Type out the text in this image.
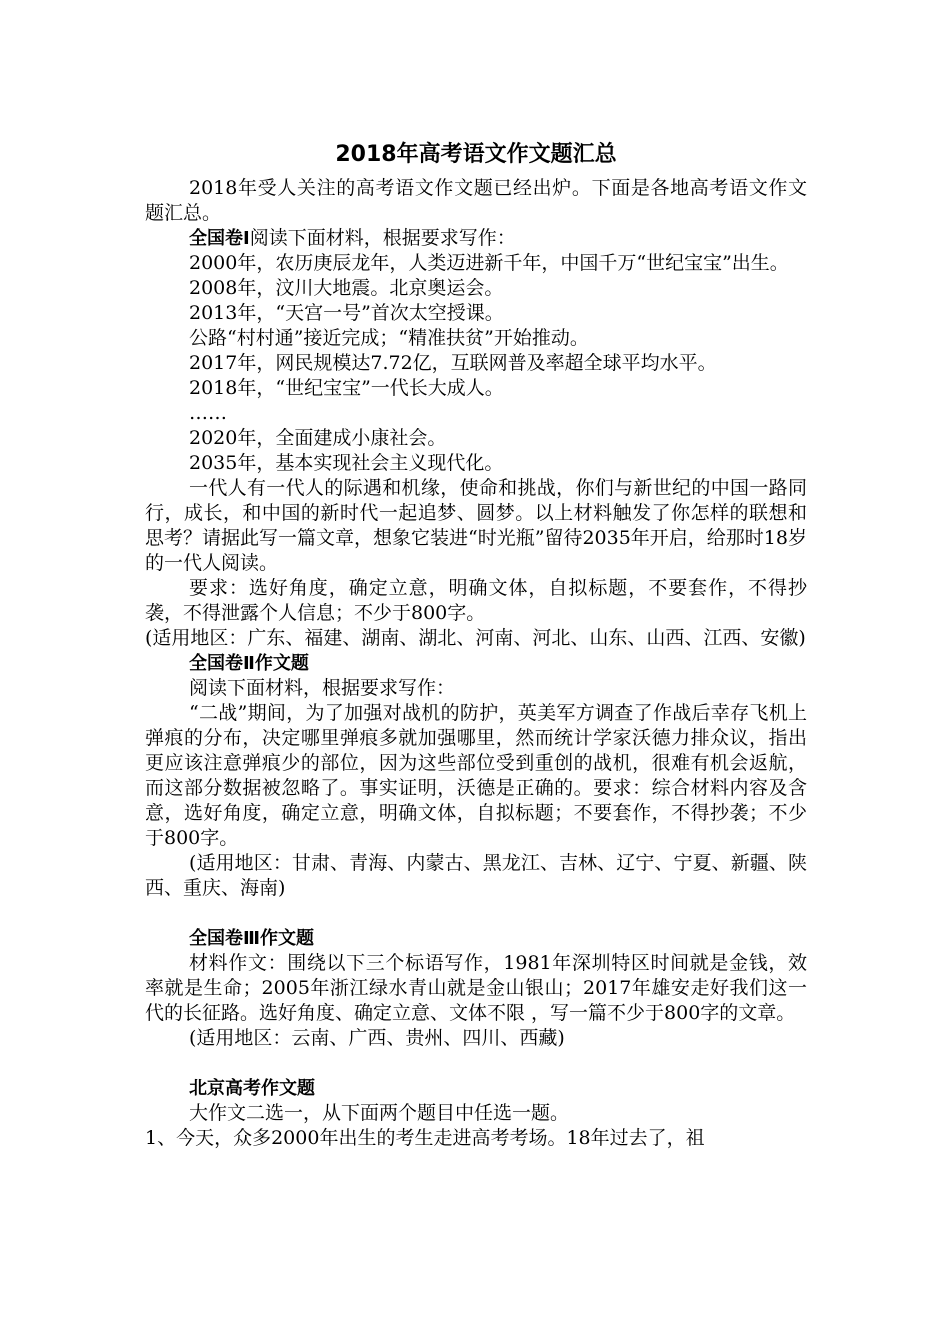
2018年高考语文作文题汇总

2018年受人关注的高考语文作文题已经出炉。下面是各地高考语文作文题汇总。

全国卷Ⅰ阅读下面材料，根据要求写作：

2000年，农历庚辰龙年，人类迈进新千年，中国千万“世纪宝宝”出生。

2008年，汶川大地震。北京奥运会。

2013年，“天宫一号”首次太空授课。

公路“村村通”接近完成；“精准扶贫”开始推动。

2017年，网民规模达7.72亿，互联网普及率超全球平均水平。

2018年，“世纪宝宝”一代长大成人。

……

2020年，全面建成小康社会。

2035年，基本实现社会主义现代化。

一代人有一代人的际遇和机缘，使命和挑战，你们与新世纪的中国一路同行，成长，和中国的新时代一起追梦、圆梦。以上材料触发了你怎样的联想和思考？请据此写一篇文章，想象它装进“时光瓶”留待2035年开启，给那时18岁的一代人阅读。

要求：选好角度，确定立意，明确文体，自拟标题，不要套作，不得抄袭，不得泄露个人信息；不少于800字。

(适用地区：广东、福建、湖南、湖北、河南、河北、山东、山西、江西、安徽)

全国卷Ⅱ作文题

阅读下面材料，根据要求写作：

“二战”期间，为了加强对战机的防护，英美军方调查了作战后幸存飞机上弹痕的分布，决定哪里弹痕多就加强哪里，然而统计学家沃德力排众议，指出更应该注意弹痕少的部位，因为这些部位受到重创的战机，很难有机会返航，而这部分数据被忽略了。事实证明，沃德是正确的。要求：综合材料内容及含意，选好角度，确定立意，明确文体，自拟标题；不要套作，不得抄袭；不少于800字。

(适用地区：甘肃、青海、内蒙古、黑龙江、吉林、辽宁、宁夏、新疆、陕西、重庆、海南)

全国卷Ⅲ作文题

材料作文：围绕以下三个标语写作，1981年深圳特区时间就是金钱，效率就是生命；2005年浙江绿水青山就是金山银山；2017年雄安走好我们这一代的长征路。选好角度、确定立意、文体不限 ，写一篇不少于800字的文章。

(适用地区：云南、广西、贵州、四川、西藏)

北京高考作文题

大作文二选一，从下面两个题目中任选一题。

1、今天，众多2000年出生的考生走进高考考场。18年过去了，祖
